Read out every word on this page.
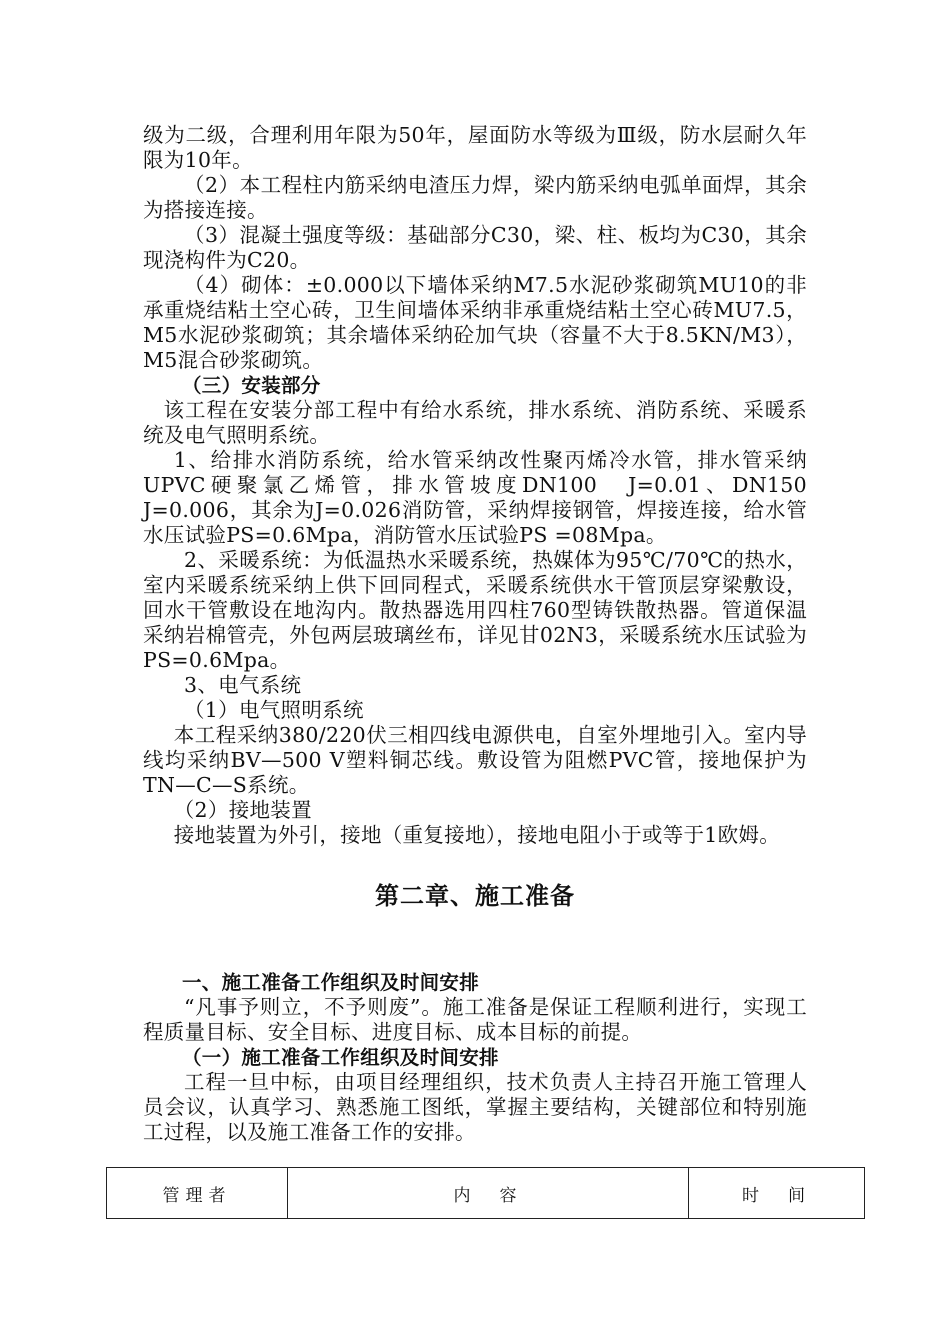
级为二级，合理利用年限为50年，屋面防水等级为Ⅲ级，防水层耐久年限为10年。

（2）本工程柱内筋采纳电渣压力焊，梁内筋采纳电弧单面焊，其余为搭接连接。

（3）混凝土强度等级：基础部分C30，梁、柱、板均为C30，其余现浇构件为C20。

（4）砌体：±0.000以下墙体采纳M7.5水泥砂浆砌筑MU10的非承重烧结粘土空心砖，卫生间墙体采纳非承重烧结粘土空心砖MU7.5，M5水泥砂浆砌筑；其余墙体采纳砼加气块（容量不大于8.5KN/M3），M5混合砂浆砌筑。

（三）安装部分

该工程在安装分部工程中有给水系统，排水系统、消防系统、采暖系统及电气照明系统。

1、给排水消防系统，给水管采纳改性聚丙烯冷水管，排水管采纳UPVC硬聚氯乙烯管，排水管坡度DN100　J=0.01、DN150 J=0.006，其余为J=0.026消防管，采纳焊接钢管，焊接连接，给水管水压试验PS=0.6Mpa，消防管水压试验PS =08Mpa。

2、采暖系统：为低温热水采暖系统，热媒体为95℃/70℃的热水，室内采暖系统采纳上供下回同程式，采暖系统供水干管顶层穿梁敷设，回水干管敷设在地沟内。散热器选用四柱760型铸铁散热器。管道保温采纳岩棉管壳，外包两层玻璃丝布，详见甘02N3，采暖系统水压试验为PS=0.6Mpa。

3、电气系统

（1）电气照明系统

本工程采纳380/220伏三相四线电源供电，自室外埋地引入。室内导线均采纳BV—500 V塑料铜芯线。敷设管为阻燃PVC管，接地保护为TN—C—S系统。

（2）接地装置

接地装置为外引，接地（重复接地），接地电阻小于或等于1欧姆。

第二章、施工准备

一、施工准备工作组织及时间安排

“凡事予则立，不予则废”。施工准备是保证工程顺利进行，实现工程质量目标、安全目标、进度目标、成本目标的前提。

（一）施工准备工作组织及时间安排

工程一旦中标，由项目经理组织，技术负责人主持召开施工管理人员会议，认真学习、熟悉施工图纸，掌握主要结构，关键部位和特别施工过程，以及施工准备工作的安排。

管理者	内　容	时　间
